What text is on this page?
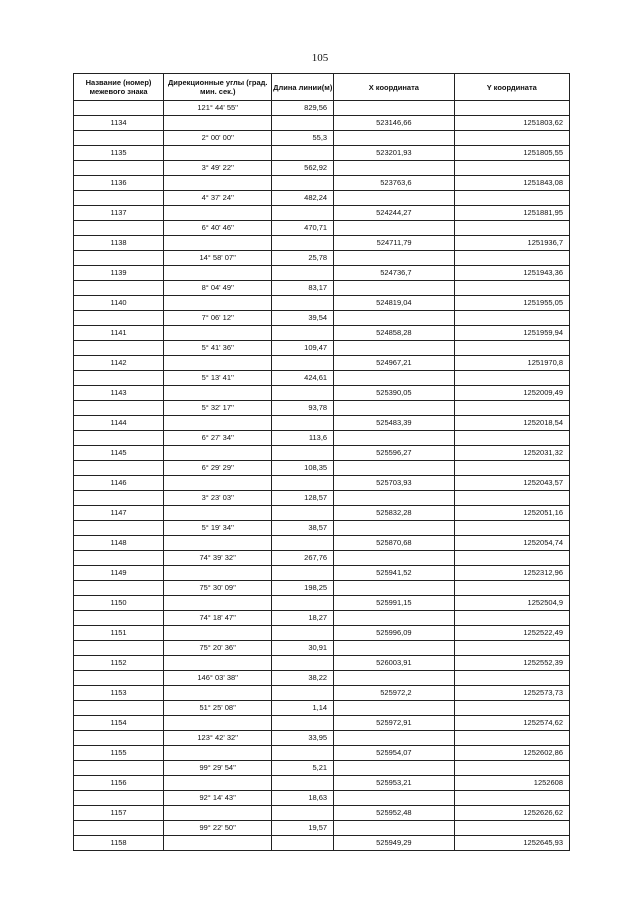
105
Название (номер) межевого знака	Дирекционные углы (град. мин. сек.)	Длина линии(м)	X координата	Y координата
	121° 44' 55''	829,56		
1134			523146,66	1251803,62
	2° 00' 00''	55,3		
1135			523201,93	1251805,55
	3° 49' 22''	562,92		
1136			523763,6	1251843,08
	4° 37' 24''	482,24		
1137			524244,27	1251881,95
	6° 40' 46''	470,71		
1138			524711,79	1251936,7
	14° 58' 07''	25,78		
1139			524736,7	1251943,36
	8° 04' 49''	83,17		
1140			524819,04	1251955,05
	7° 06' 12''	39,54		
1141			524858,28	1251959,94
	5° 41' 36''	109,47		
1142			524967,21	1251970,8
	5° 13' 41''	424,61		
1143			525390,05	1252009,49
	5° 32' 17''	93,78		
1144			525483,39	1252018,54
	6° 27' 34''	113,6		
1145			525596,27	1252031,32
	6° 29' 29''	108,35		
1146			525703,93	1252043,57
	3° 23' 03''	128,57		
1147			525832,28	1252051,16
	5° 19' 34''	38,57		
1148			525870,68	1252054,74
	74° 39' 32''	267,76		
1149			525941,52	1252312,96
	75° 30' 09''	198,25		
1150			525991,15	1252504,9
	74° 18' 47''	18,27		
1151			525996,09	1252522,49
	75° 20' 36''	30,91		
1152			526003,91	1252552,39
	146° 03' 38''	38,22		
1153			525972,2	1252573,73
	51° 25' 08''	1,14		
1154			525972,91	1252574,62
	123° 42' 32''	33,95		
1155			525954,07	1252602,86
	99° 29' 54''	5,21		
1156			525953,21	1252608
	92° 14' 43''	18,63		
1157			525952,48	1252626,62
	99° 22' 50''	19,57		
1158			525949,29	1252645,93
